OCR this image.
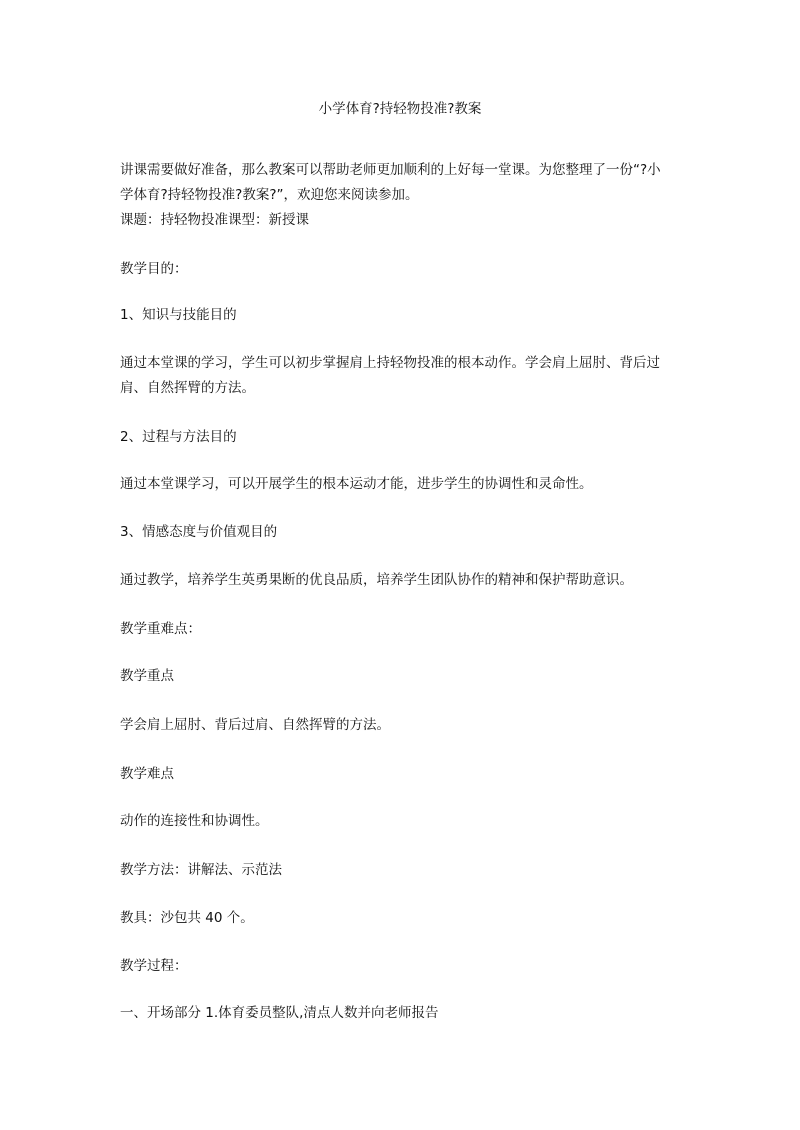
小学体育?持轻物投准?教案
讲课需要做好准备，那么教案可以帮助老师更加顺利的上好每一堂课。为您整理了一份“?小
学体育?持轻物投准?教案?”，欢迎您来阅读参加。
课题：持轻物投准课型：新授课
教学目的：
1、知识与技能目的
通过本堂课的学习，学生可以初步掌握肩上持轻物投准的根本动作。学会肩上屈肘、背后过
肩、自然挥臂的方法。
2、过程与方法目的
通过本堂课学习，可以开展学生的根本运动才能，进步学生的协调性和灵命性。
3、情感态度与价值观目的
通过教学，培养学生英勇果断的优良品质，培养学生团队协作的精神和保护帮助意识。
教学重难点：
教学重点
学会肩上屈肘、背后过肩、自然挥臂的方法。
教学难点
动作的连接性和协调性。
教学方法：讲解法、示范法
教具：沙包共 40 个。
教学过程：
一、开场部分 1.体育委员整队,清点人数并向老师报告
